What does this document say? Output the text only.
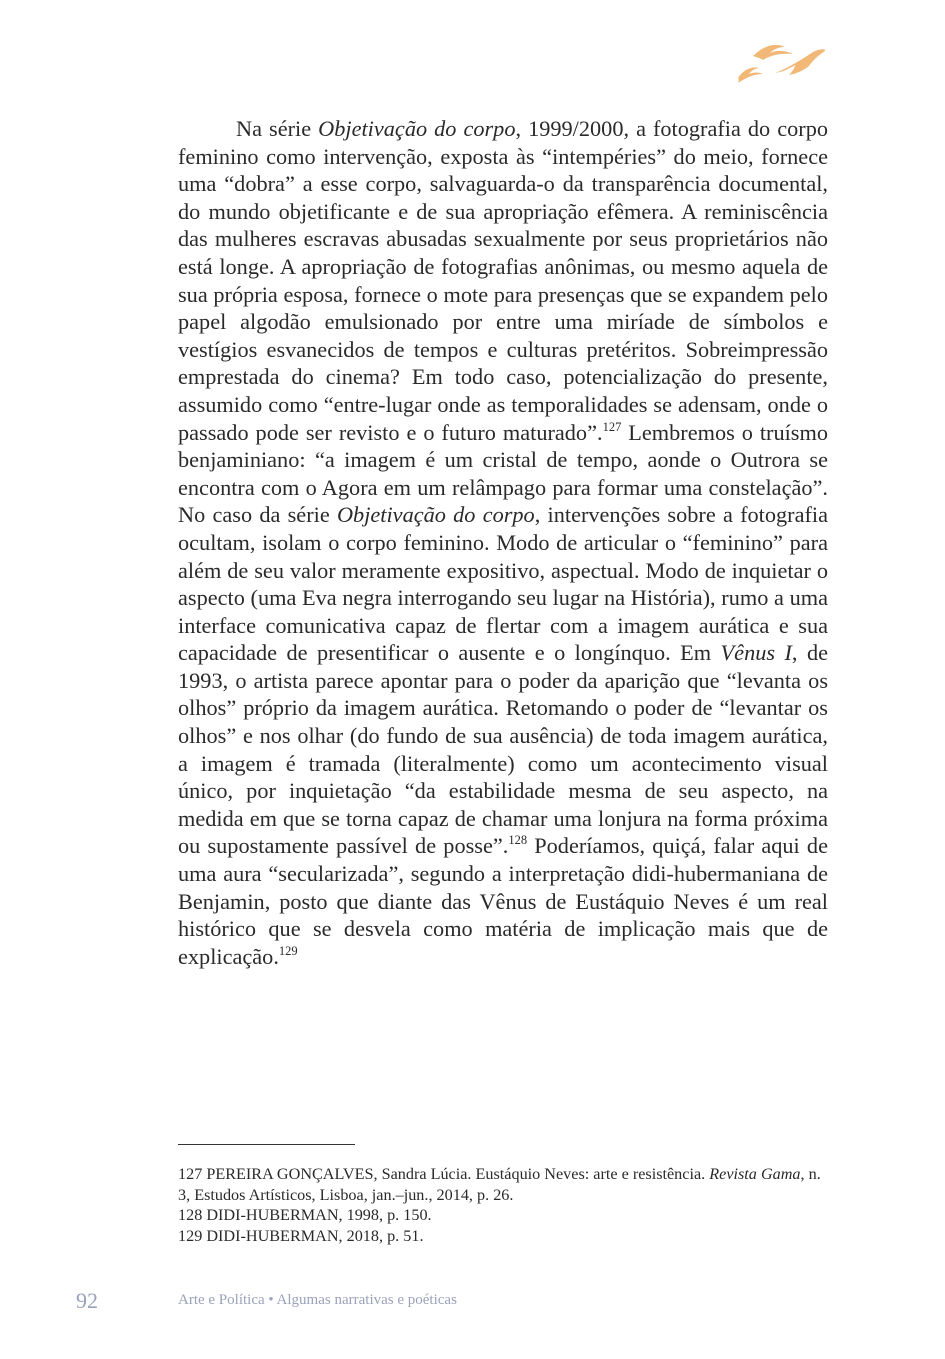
Na série Objetivação do corpo, 1999/2000, a fotografia do corpo feminino como intervenção, exposta às “intempéries” do meio, fornece uma “dobra” a esse corpo, salvaguarda-o da transparência documental, do mundo objetificante e de sua apropriação efêmera. A reminiscência das mulheres escravas abusadas sexualmente por seus proprietários não está longe. A apropriação de fotografias anônimas, ou mesmo aquela de sua própria esposa, fornece o mote para presenças que se expandem pelo papel algodão emulsionado por entre uma miríade de símbolos e vestígios esvanecidos de tempos e culturas pretéritos. Sobreimpressão emprestada do cinema? Em todo caso, potencialização do presente, assumido como “entre-lugar onde as temporalidades se adensam, onde o passado pode ser revisto e o futuro maturado”.$^{127}$ Lembremos o truísmo benjaminiano: “a imagem é um cristal de tempo, aonde o Outrora se encontra com o Agora em um relâmpago para formar uma constelação”. No caso da série Objetivação do corpo, intervenções sobre a fotografia ocultam, isolam o corpo feminino. Modo de articular o “feminino” para além de seu valor meramente expositivo, aspectual. Modo de inquietar o aspecto (uma Eva negra interrogando seu lugar na História), rumo a uma interface comunicativa capaz de flertar com a imagem aurática e sua capacidade de presentificar o ausente e o longínquo. Em Vênus I, de 1993, o artista parece apontar para o poder da aparição que “levanta os olhos” próprio da imagem aurática. Retomando o poder de “levantar os olhos” e nos olhar (do fundo de sua ausência) de toda imagem aurática, a imagem é tramada (literalmente) como um acontecimento visual único, por inquietação “da estabilidade mesma de seu aspecto, na medida em que se torna capaz de chamar uma lonjura na forma próxima ou supostamente passível de posse”.$^{128}$ Poderíamos, quiçá, falar aqui de uma aura “secularizada”, segundo a interpretação didi-hubermaniana de Benjamin, posto que diante das Vênus de Eustáquio Neves é um real histórico que se desvela como matéria de implicação mais que de explicação.$^{129}$

127 PEREIRA GONÇALVES, Sandra Lúcia. Eustáquio Neves: arte e resistência. Revista Gama, n. 3, Estudos Artísticos, Lisboa, jan.–jun., 2014, p. 26.

128 DIDI-HUBERMAN, 1998, p. 150.

129 DIDI-HUBERMAN, 2018, p. 51.

92	Arte e Política • Algumas narrativas e poéticas
